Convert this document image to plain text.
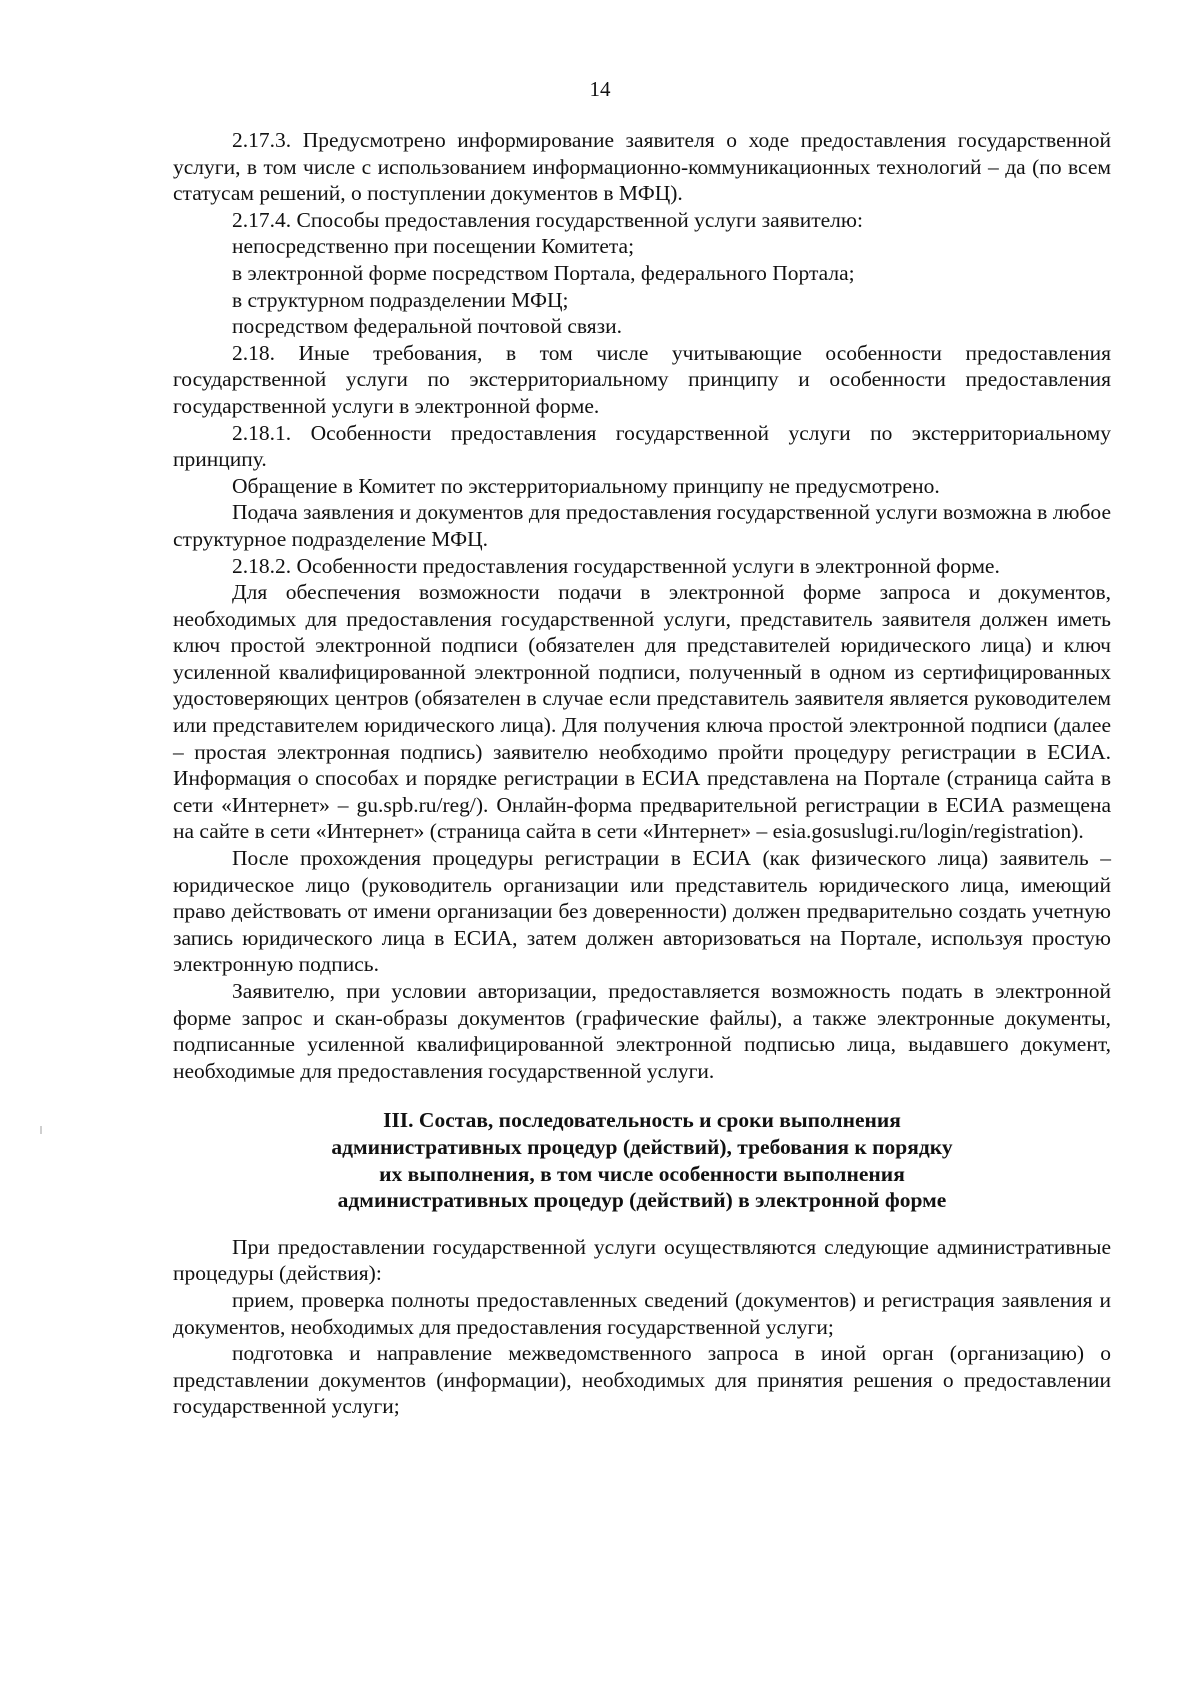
14

2.17.3. Предусмотрено информирование заявителя о ходе предоставления государственной услуги, в том числе с использованием информационно-коммуникационных технологий – да (по всем статусам решений, о поступлении документов в МФЦ).

2.17.4. Способы предоставления государственной услуги заявителю:

непосредственно при посещении Комитета;

в электронной форме посредством Портала, федерального Портала;

в структурном подразделении МФЦ;

посредством федеральной почтовой связи.

2.18. Иные требования, в том числе учитывающие особенности предоставления государственной услуги по экстерриториальному принципу и особенности предоставления государственной услуги в электронной форме.

2.18.1. Особенности предоставления государственной услуги по экстерриториальному принципу.

Обращение в Комитет по экстерриториальному принципу не предусмотрено.

Подача заявления и документов для предоставления государственной услуги возможна в любое структурное подразделение МФЦ.

2.18.2. Особенности предоставления государственной услуги в электронной форме.

Для обеспечения возможности подачи в электронной форме запроса и документов, необходимых для предоставления государственной услуги, представитель заявителя должен иметь ключ простой электронной подписи (обязателен для представителей юридического лица) и ключ усиленной квалифицированной электронной подписи, полученный в одном из сертифицированных удостоверяющих центров (обязателен в случае если представитель заявителя является руководителем или представителем юридического лица). Для получения ключа простой электронной подписи (далее – простая электронная подпись) заявителю необходимо пройти процедуру регистрации в ЕСИА. Информация о способах и порядке регистрации в ЕСИА представлена на Портале (страница сайта в сети «Интернет» – gu.spb.ru/reg/). Онлайн-форма предварительной регистрации в ЕСИА размещена на сайте в сети «Интернет» (страница сайта в сети «Интернет» – esia.gosuslugi.ru/login/registration).

После прохождения процедуры регистрации в ЕСИА (как физического лица) заявитель – юридическое лицо (руководитель организации или представитель юридического лица, имеющий право действовать от имени организации без доверенности) должен предварительно создать учетную запись юридического лица в ЕСИА, затем должен авторизоваться на Портале, используя простую электронную подпись.

Заявителю, при условии авторизации, предоставляется возможность подать в электронной форме запрос и скан-образы документов (графические файлы), а также электронные документы, подписанные усиленной квалифицированной электронной подписью лица, выдавшего документ, необходимые для предоставления государственной услуги.

III. Состав, последовательность и сроки выполнения
административных процедур (действий), требования к порядку
их выполнения, в том числе особенности выполнения
административных процедур (действий) в электронной форме

При предоставлении государственной услуги осуществляются следующие административные процедуры (действия):

прием, проверка полноты предоставленных сведений (документов) и регистрация заявления и документов, необходимых для предоставления государственной услуги;

подготовка и направление межведомственного запроса в иной орган (организацию) о представлении документов (информации), необходимых для принятия решения о предоставлении государственной услуги;
